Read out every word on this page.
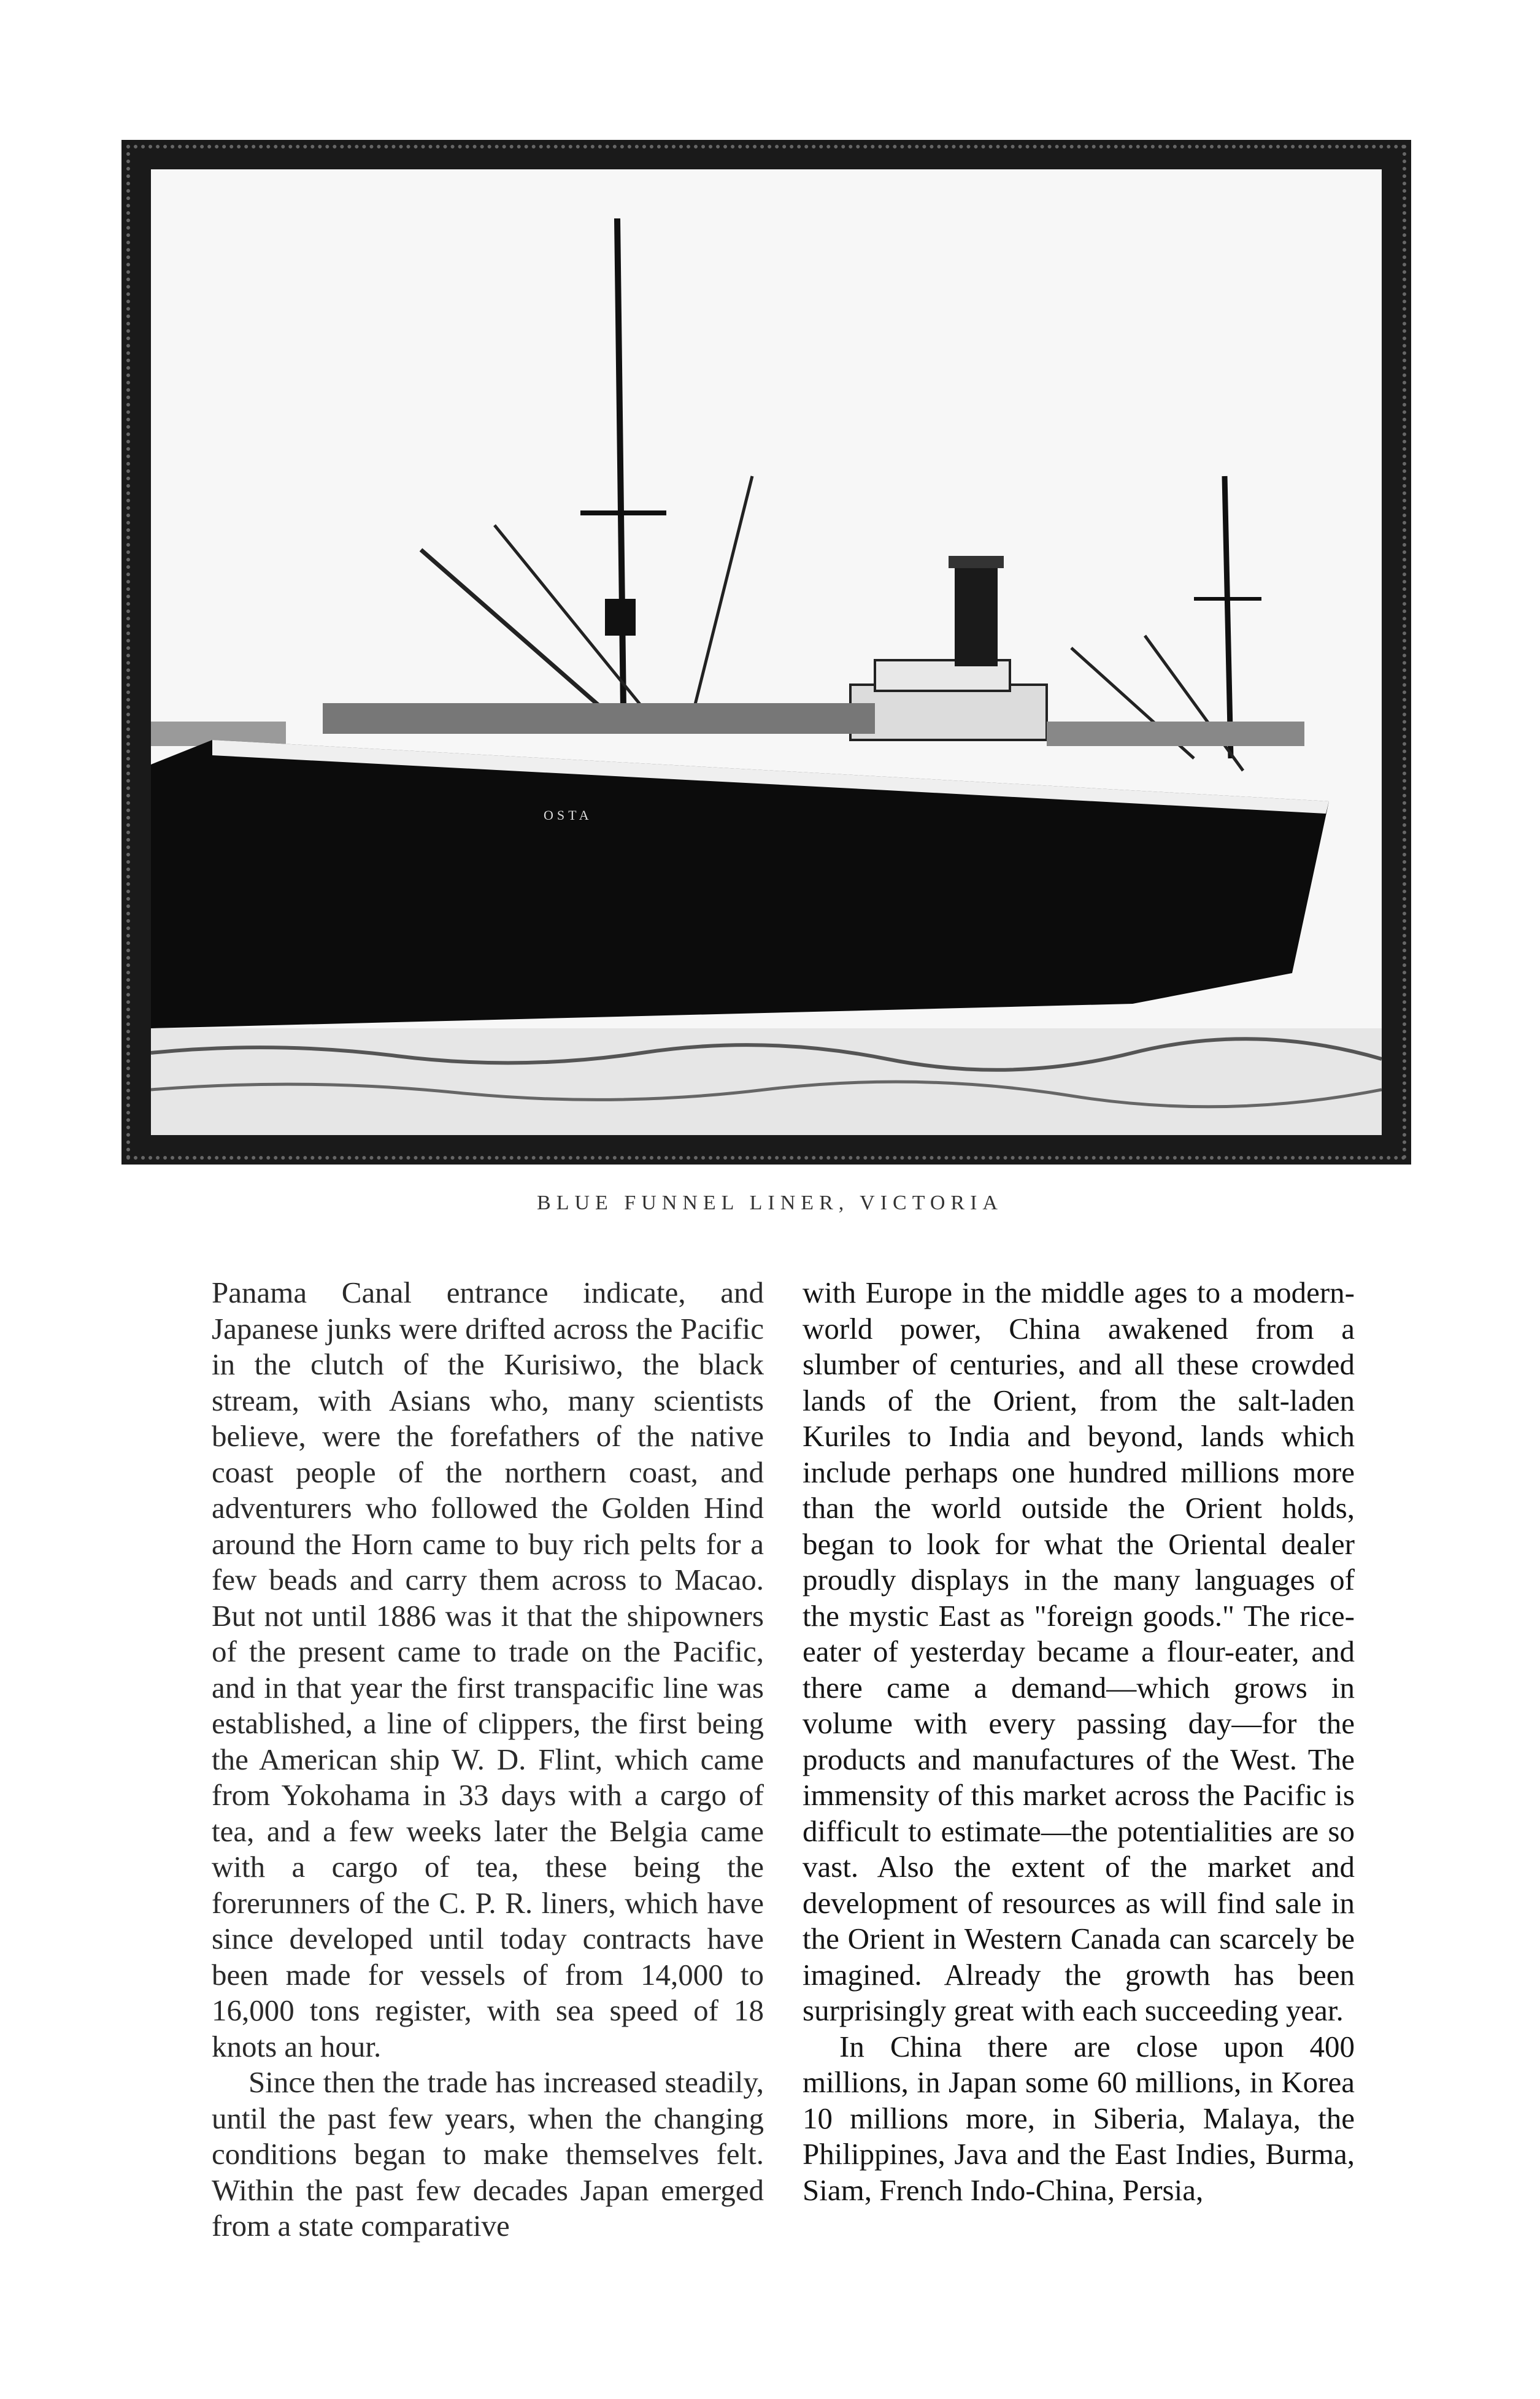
OSTA
BLUE FUNNEL LINER, VICTORIA

Panama Canal entrance indicate, and Japanese junks were drifted across the Pacific in the clutch of the Kurisiwo, the black stream, with Asians who, many scientists believe, were the forefathers of the native coast people of the northern coast, and adventurers who followed the Golden Hind around the Horn came to buy rich pelts for a few beads and carry them across to Macao. But not until 1886 was it that the shipowners of the present came to trade on the Pacific, and in that year the first transpacific line was established, a line of clippers, the first being the American ship W. D. Flint, which came from Yokohama in 33 days with a cargo of tea, and a few weeks later the Belgia came with a cargo of tea, these being the forerunners of the C. P. R. liners, which have since developed until today contracts have been made for vessels of from 14,000 to 16,000 tons register, with sea speed of 18 knots an hour.

Since then the trade has increased steadily, until the past few years, when the changing conditions began to make themselves felt. Within the past few decades Japan emerged from a state comparative

with Europe in the middle ages to a modern-world power, China awakened from a slumber of centuries, and all these crowded lands of the Orient, from the salt-laden Kuriles to India and beyond, lands which include perhaps one hundred millions more than the world outside the Orient holds, began to look for what the Oriental dealer proudly displays in the many languages of the mystic East as "foreign goods." The rice-eater of yesterday became a flour-eater, and there came a demand—which grows in volume with every passing day—for the products and manufactures of the West. The immensity of this market across the Pacific is difficult to estimate—the potentialities are so vast. Also the extent of the market and development of resources as will find sale in the Orient in Western Canada can scarcely be imagined. Already the growth has been surprisingly great with each succeeding year.

In China there are close upon 400 millions, in Japan some 60 millions, in Korea 10 millions more, in Siberia, Malaya, the Philippines, Java and the East Indies, Burma, Siam, French Indo-China, Persia,
